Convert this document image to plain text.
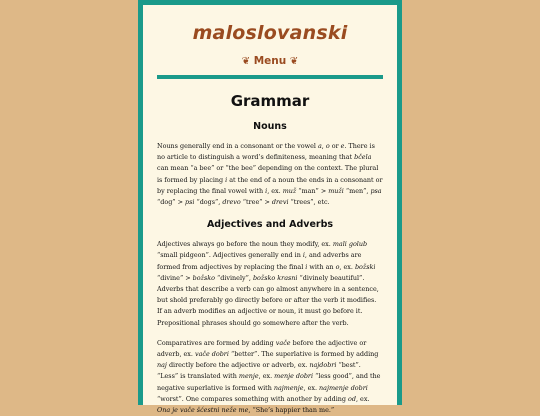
maloslovanski
❦ Menu ❦
Grammar
Nouns

Nouns generally end in a consonant or the vowel a, o or e. There is no article to distinguish a word’s definiteness, meaning that bčela can mean “a bee” or “the bee” depending on the context. The plural is formed by placing i at the end of a noun the ends in a consonant or by replacing the final vowel with i, ex. muž “man” > muži “men”, psa “dog” > psi “dogs”, drevo “tree” > drevi “trees”, etc.

Adjectives and Adverbs

Adjectives always go before the noun they modify, ex. mali golub “small pidgeon”. Adjectives generally end in i, and adverbs are formed from adjectives by replacing the final i with an o, ex. božski “divine” > božsko “divinely”, božsko krasni “divinely beautiful”. Adverbs that describe a verb can go almost anywhere in a sentence, but shold preferably go directly before or after the verb it modifies. If an adverb modifies an adjective or noun, it must go before it. Prepositional phrases should go somewhere after the verb.

Comparatives are formed by adding vače before the adjective or adverb, ex. vače dobri “better”. The superlative is formed by adding naj directly before the adjective or adverb, ex. najdobri “best”. “Less” is translated with menje, ex. menje dobri “less good”, and the negative superlative is formed with najmenje, ex. najmenje dobri “worst”. One compares something with another by adding od, ex. Ona je vače šćestni neže me, “She’s happier than me.”
